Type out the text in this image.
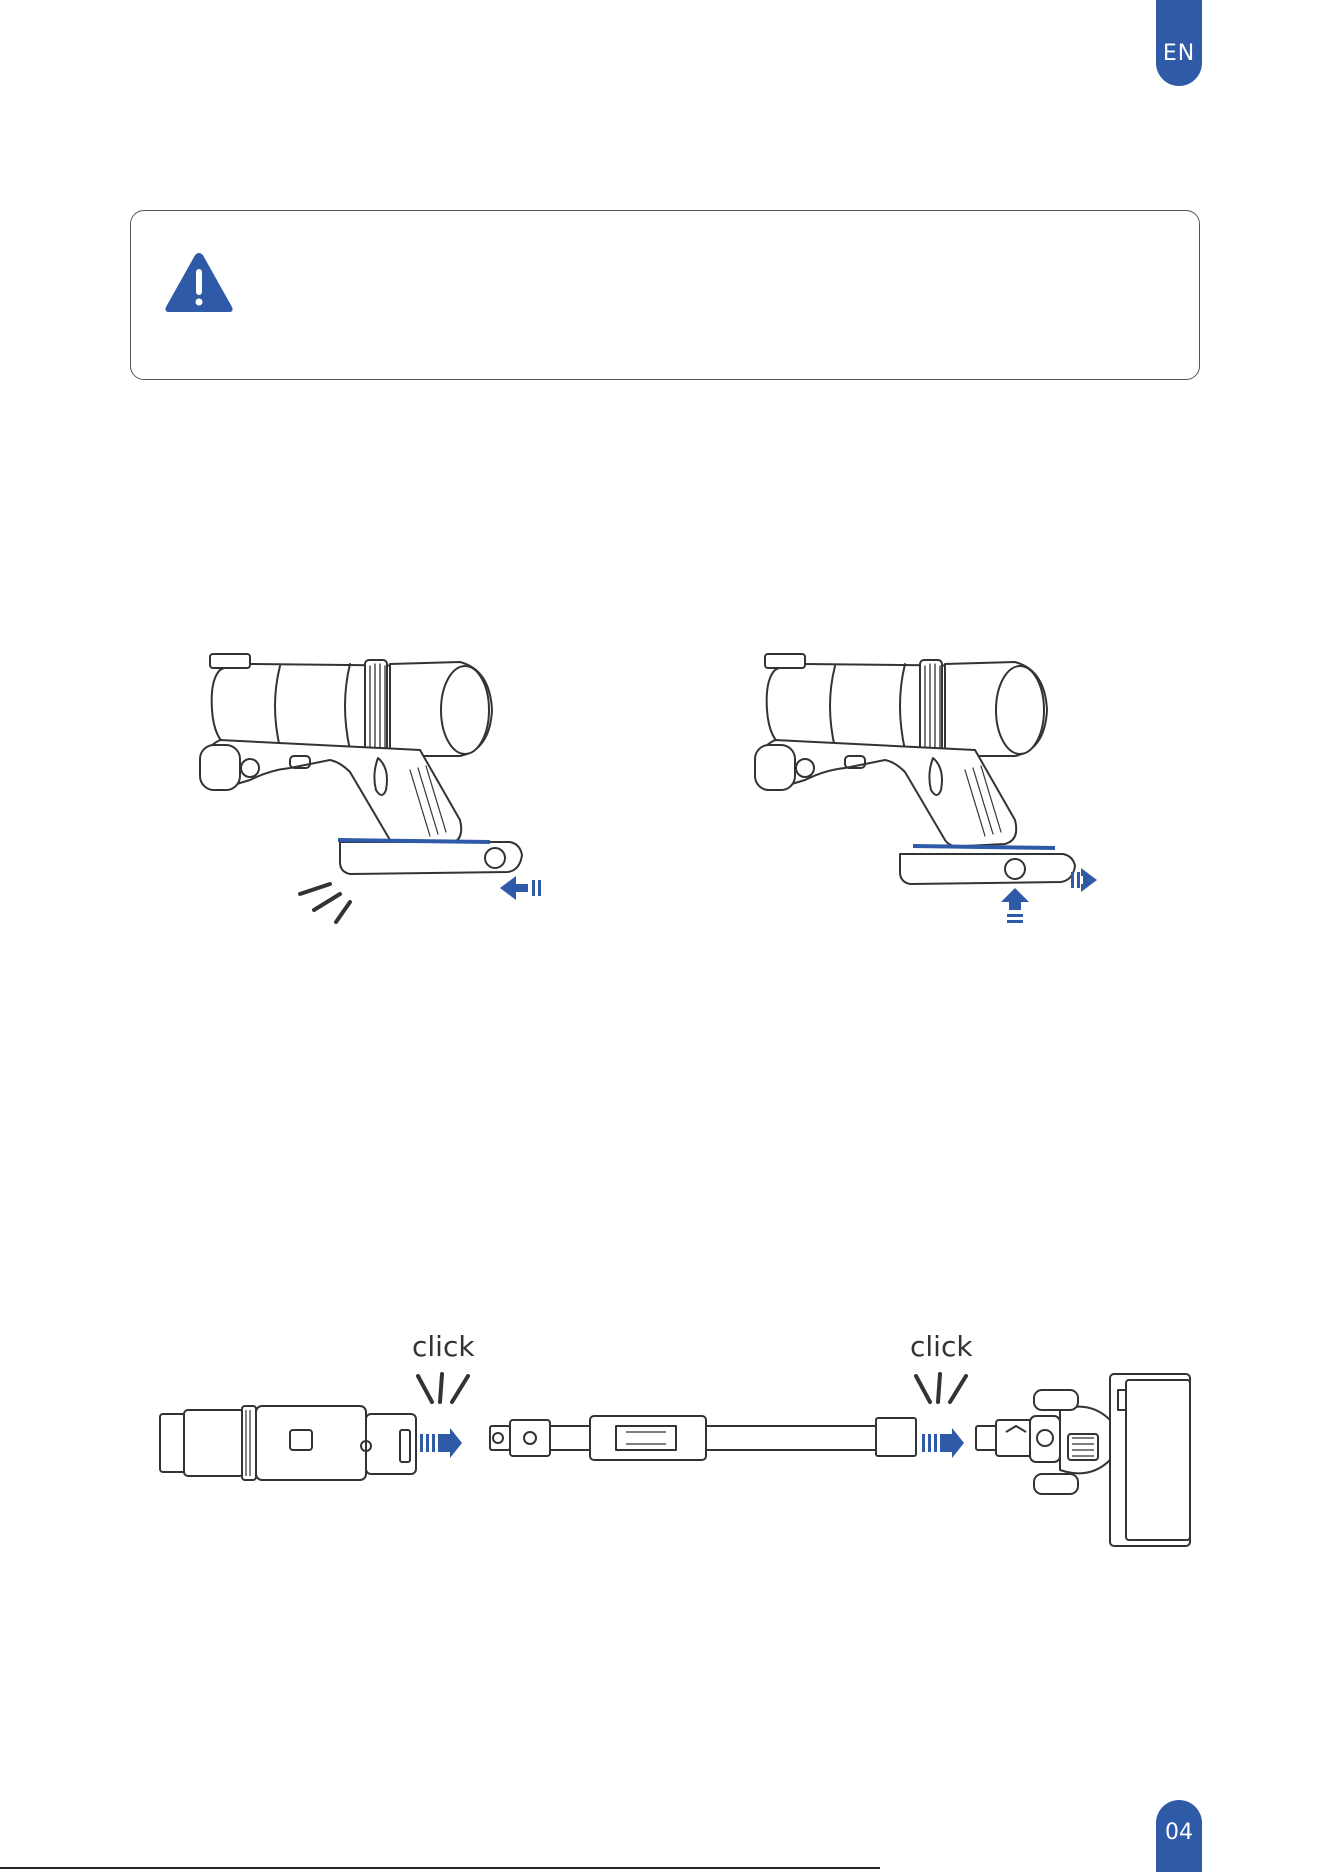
EN
click	click
04
